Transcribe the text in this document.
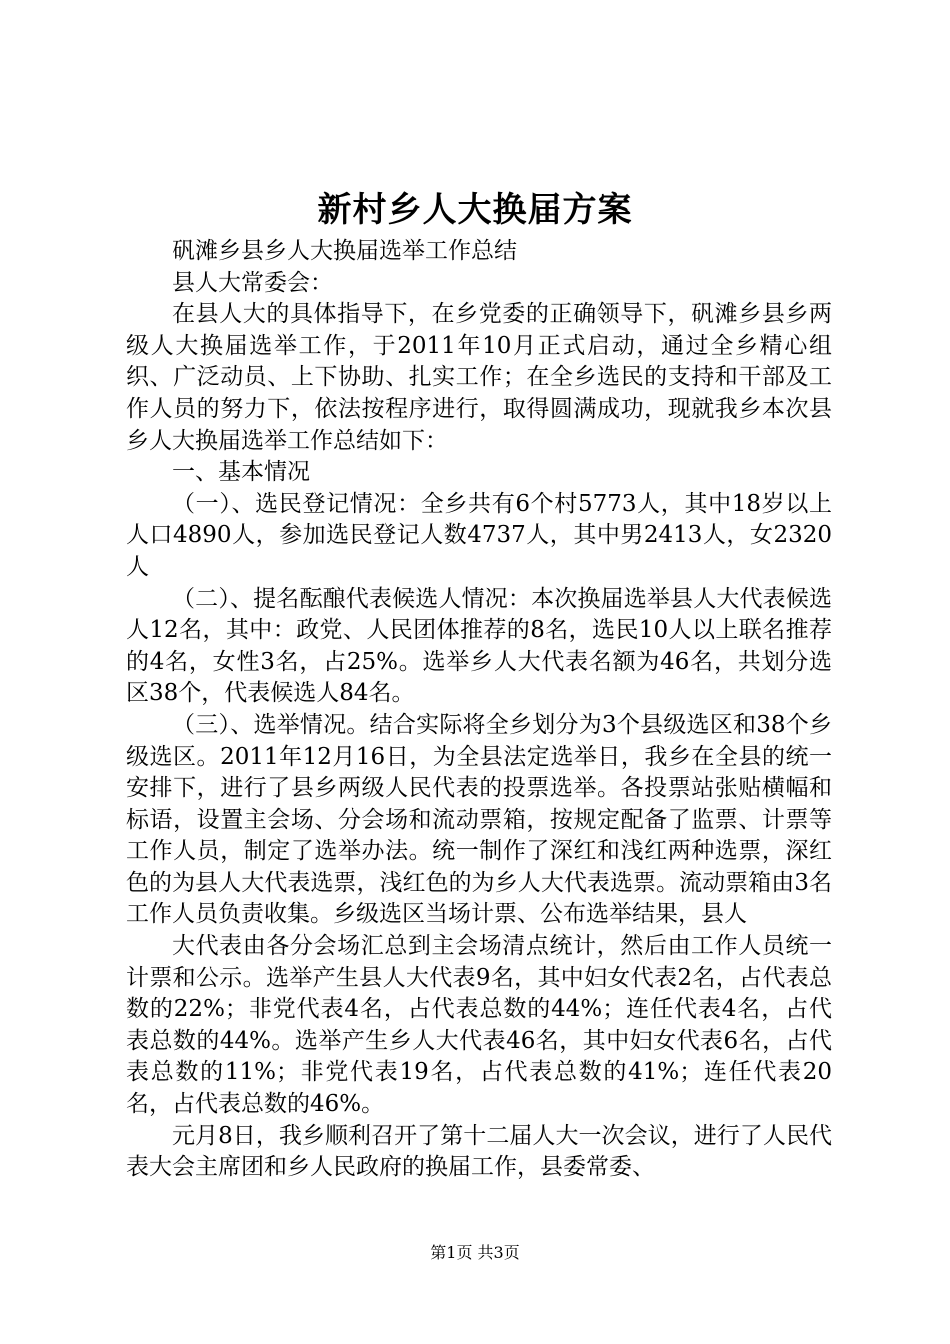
新村乡人大换届方案

矾滩乡县乡人大换届选举工作总结

县人大常委会：

在县人大的具体指导下，在乡党委的正确领导下，矾滩乡县乡两级人大换届选举工作，于2011年10月正式启动，通过全乡精心组织、广泛动员、上下协助、扎实工作；在全乡选民的支持和干部及工作人员的努力下，依法按程序进行，取得圆满成功，现就我乡本次县乡人大换届选举工作总结如下：

一、基本情况

（一）、选民登记情况：全乡共有6个村5773人，其中18岁以上人口4890人，参加选民登记人数4737人，其中男2413人，女2320人

（二）、提名酝酿代表候选人情况：本次换届选举县人大代表候选人12名，其中：政党、人民团体推荐的8名，选民10人以上联名推荐的4名，女性3名，占25%。选举乡人大代表名额为46名，共划分选区38个，代表候选人84名。

（三）、选举情况。结合实际将全乡划分为3个县级选区和38个乡级选区。2011年12月16日，为全县法定选举日，我乡在全县的统一安排下，进行了县乡两级人民代表的投票选举。各投票站张贴横幅和标语，设置主会场、分会场和流动票箱，按规定配备了监票、计票等工作人员，制定了选举办法。统一制作了深红和浅红两种选票，深红色的为县人大代表选票，浅红色的为乡人大代表选票。流动票箱由3名工作人员负责收集。乡级选区当场计票、公布选举结果，县人

大代表由各分会场汇总到主会场清点统计，然后由工作人员统一计票和公示。选举产生县人大代表9名，其中妇女代表2名，占代表总数的22%；非党代表4名，占代表总数的44%；连任代表4名，占代表总数的44%。选举产生乡人大代表46名，其中妇女代表6名，占代表总数的11%；非党代表19名，占代表总数的41%；连任代表20名，占代表总数的46%。

元月8日，我乡顺利召开了第十二届人大一次会议，进行了人民代表大会主席团和乡人民政府的换届工作，县委常委、

第1页 共3页
